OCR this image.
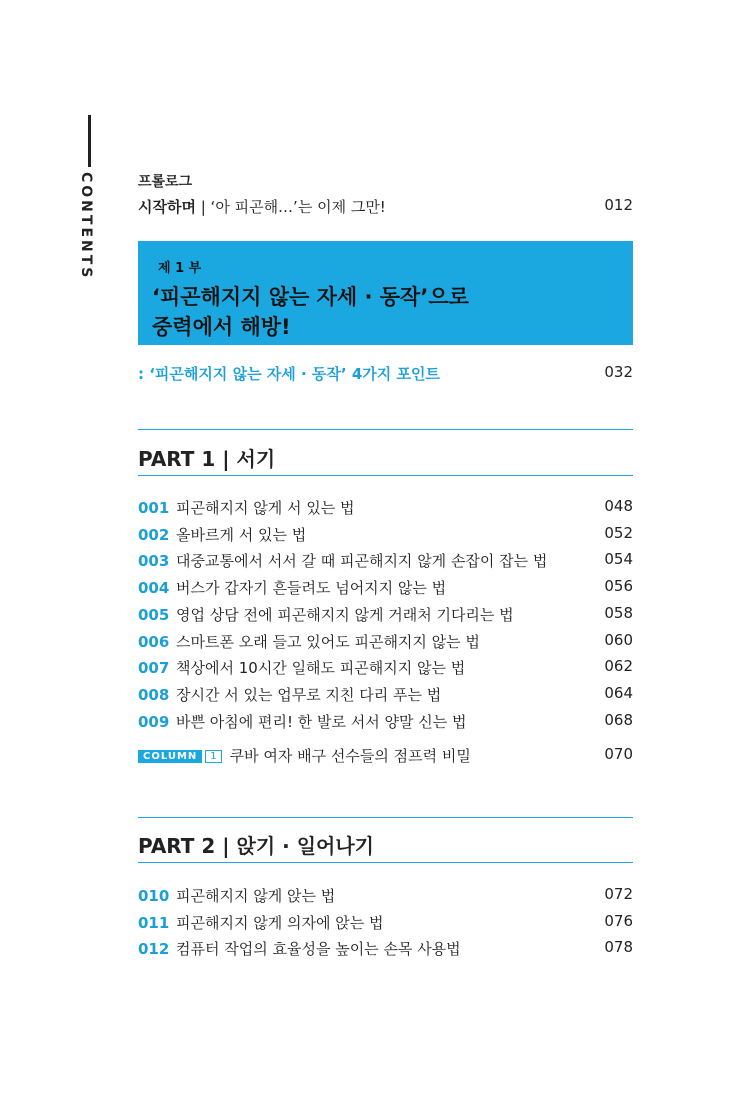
CONTENTS	프롤로그
시작하며 | ‘아 피곤해…’는 이제 그만!	012
제 1 부
‘피곤해지지 않는 자세 · 동작’으로
중력에서 해방!
: ‘피곤해지지 않는 자세 · 동작’ 4가지 포인트	032
PART 1 | 서기
001 피곤해지지 않게 서 있는 법	048
002 올바르게 서 있는 법	052
003 대중교통에서 서서 갈 때 피곤해지지 않게 손잡이 잡는 법	054
004 버스가 갑자기 흔들려도 넘어지지 않는 법	056
005 영업 상담 전에 피곤해지지 않게 거래처 기다리는 법	058
006 스마트폰 오래 들고 있어도 피곤해지지 않는 법	060
007 책상에서 10시간 일해도 피곤해지지 않는 법	062
008 장시간 서 있는 업무로 지친 다리 푸는 법	064
009 바쁜 아침에 편리! 한 발로 서서 양말 신는 법	068
COLUMN 1 쿠바 여자 배구 선수들의 점프력 비밀	070
PART 2 | 앉기 · 일어나기
010 피곤해지지 않게 앉는 법	072
011 피곤해지지 않게 의자에 앉는 법	076
012 컴퓨터 작업의 효율성을 높이는 손목 사용법	078
